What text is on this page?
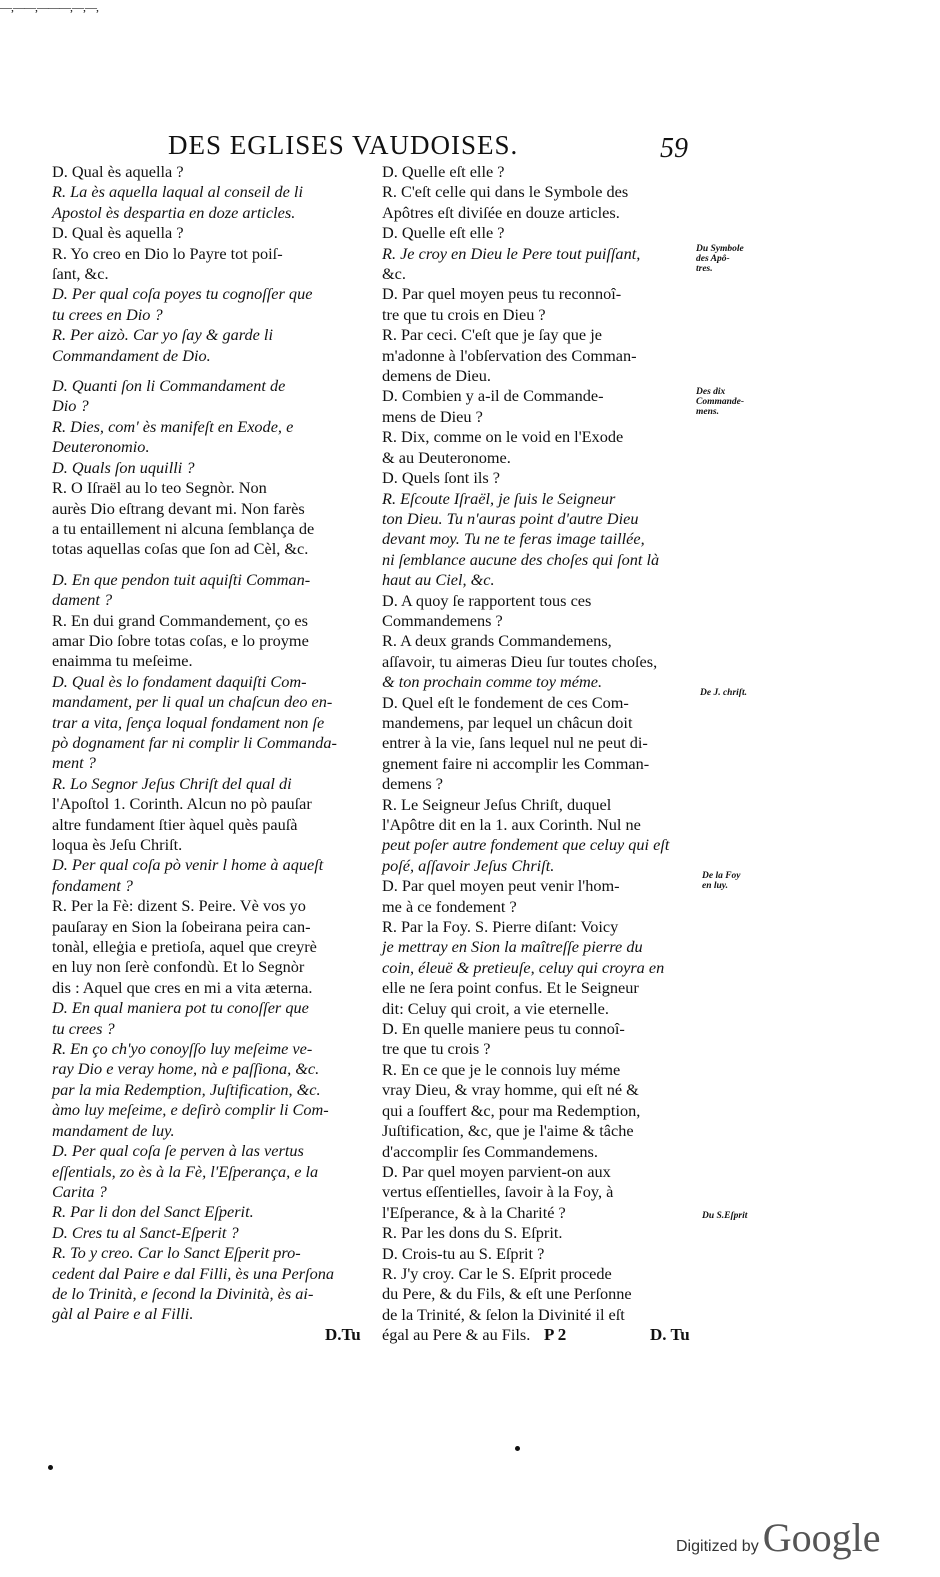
—,——,———,—,—,
DES EGLISES VAUDOISES.	59
D. Qual ès aquella ?
R. La ès aquella laqual al conseil de li
Apostol ès despartia en doze articles.
D. Qual ès aquella ?
R. Yo creo en Dio lo Payre tot poiſ-
ſant, &c.
D. Per qual coſa poyes tu cognoſſer que
tu crees en Dio ?
R. Per aizò. Car yo ſay & garde li
Commandament de Dio.
D. Quanti ſon li Commandament de
Dio ?
R. Dies, com' ès manifeſt en Exode, e
Deuteronomio.
D. Quals ſon uquilli ?
R. O Iſraël au lo teo Segnòr. Non
aurès Dio eſtrang devant mi. Non farès
a tu entaillement ni alcuna ſemblança de
totas aquellas coſas que ſon ad Cèl, &c.
D. En que pendon tuit aquiſti Comman-
dament ?
R. En dui grand Commandement, ço es
amar Dio ſobre totas coſas, e lo proyme
enaimma tu meſeime.
D. Qual ès lo fondament daquiſti Com-
mandament, per li qual un chaſcun deo en-
trar a vita, ſença loqual fondament non ſe
pò dognament far ni complir li Commanda-
ment ?
R. Lo Segnor Jeſus Chriſt del qual di
l'Apoſtol 1. Corinth. Alcun no pò pauſar
altre fundament ſtier àquel quès pauſà
loqua ès Jeſu Chriſt.
D. Per qual coſa pò venir l home à aqueſt
fondament ?
R. Per la Fè: dizent S. Peire. Vè vos yo
pauſaray en Sion la ſobeirana peira can-
tonàl, elleġia e pretioſa, aquel que creyrè
en luy non ſerè confondù. Et lo Segnòr
dis : Aquel que cres en mi a vita æterna.
D. En qual maniera pot tu conoſſer que
tu crees ?
R. En ço ch'yo conoyſſo luy meſeime ve-
ray Dio e veray home, nà e paſſiona, &c.
par la mia Redemption, Juſtification, &c.
àmo luy meſeime, e deſirò complir li Com-
mandament de luy.
D. Per qual coſa ſe perven à las vertus
eſſentials, zo ès à la Fè, l'Eſperança, e la
Carita ?
R. Par li don del Sanct Eſperit.
D. Cres tu al Sanct-Eſperit ?
R. To y creo. Car lo Sanct Eſperit pro-
cedent dal Paire e dal Filli, ès una Perſona
de lo Trinità, e ſecond la Divinità, ès ai-
gàl al Paire e al Filli.
D. Quelle eſt elle ?
R. C'eſt celle qui dans le Symbole des
Apôtres eſt diviſée en douze articles.
D. Quelle eſt elle ?
R. Je croy en Dieu le Pere tout puiſſant,
&c.
D. Par quel moyen peus tu reconnoî-
tre que tu crois en Dieu ?
R. Par ceci. C'eſt que je ſay que je
m'adonne à l'obſervation des Comman-
demens de Dieu.
D. Combien y a-il de Commande-
mens de Dieu ?
R. Dix, comme on le void en l'Exode
& au Deuteronome.
D. Quels ſont ils ?
R. Eſcoute Iſraël, je ſuis le Seigneur
ton Dieu. Tu n'auras point d'autre Dieu
devant moy. Tu ne te feras image taillée,
ni ſemblance aucune des choſes qui ſont là
haut au Ciel, &c.
D. A quoy ſe rapportent tous ces
Commandemens ?
R. A deux grands Commandemens,
aſſavoir, tu aimeras Dieu ſur toutes choſes,
& ton prochain comme toy méme.
D. Quel eſt le fondement de ces Com-
mandemens, par lequel un châcun doit
entrer à la vie, ſans lequel nul ne peut di-
gnement faire ni accomplir les Comman-
demens ?
R. Le Seigneur Jeſus Chriſt, duquel
l'Apôtre dit en la 1. aux Corinth. Nul ne
peut poſer autre fondement que celuy qui eſt
poſé, aſſavoir Jeſus Chriſt.
D. Par quel moyen peut venir l'hom-
me à ce fondement ?
R. Par la Foy. S. Pierre diſant: Voicy
je mettray en Sion la maîtreſſe pierre du
coin, éleuë & pretieuſe, celuy qui croyra en
elle ne ſera point confus. Et le Seigneur
dit: Celuy qui croit, a vie eternelle.
D. En quelle maniere peus tu connoî-
tre que tu crois ?
R. En ce que je le connois luy méme
vray Dieu, & vray homme, qui eſt né &
qui a ſouffert &c, pour ma Redemption,
Juſtification, &c, que je l'aime & tâche
d'accomplir ſes Commandemens.
D. Par quel moyen parvient-on aux
vertus eſſentielles, ſavoir à la Foy, à
l'Eſperance, & à la Charité ?
R. Par les dons du S. Eſprit.
D. Crois-tu au S. Eſprit ?
R. J'y croy. Car le S. Eſprit procede
du Pere, & du Fils, & eſt une Perſonne
de la Trinité, & ſelon la Divinité il eſt
égal au Pere & au Fils.
Du Symbole
des Apô-
tres.
Des dix
Commande-
mens.
De J. chriſt.
De la Foy
en luy.
Du S.Eſprit
D.Tu	P 2	D. Tu
Digitized by Google
